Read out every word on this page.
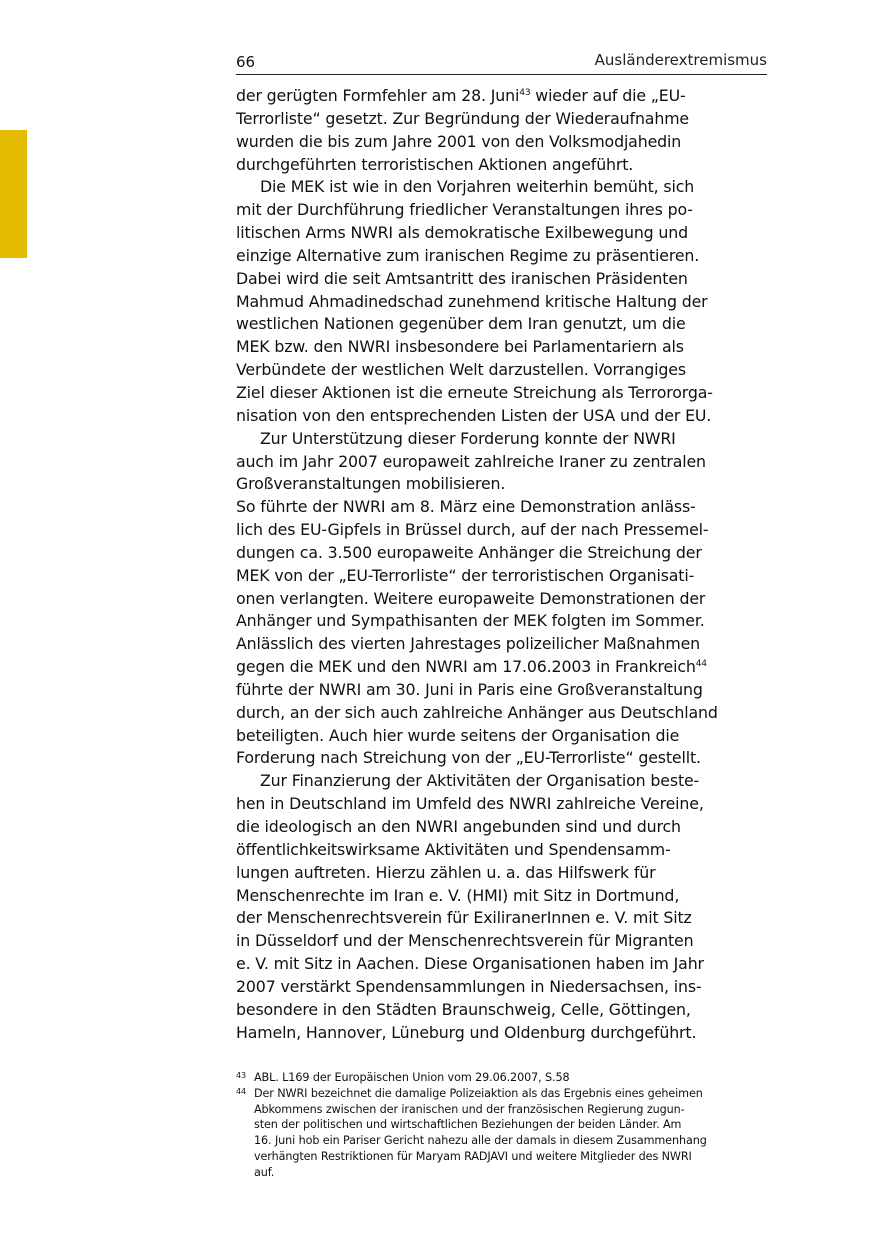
66	Ausländerextremismus
der gerügten Formfehler am 28. Juni$^{43}$ wieder auf die „EU-
Terrorliste“ gesetzt. Zur Begründung der Wiederaufnahme
wurden die bis zum Jahre 2001 von den Volksmodjahedin
durchgeführten terroristischen Aktionen angeführt.
Die MEK ist wie in den Vorjahren weiterhin bemüht, sich
mit der Durchführung friedlicher Veranstaltungen ihres po-
litischen Arms NWRI als demokratische Exilbewegung und
einzige Alternative zum iranischen Regime zu präsentieren.
Dabei wird die seit Amtsantritt des iranischen Präsidenten
Mahmud Ahmadinedschad zunehmend kritische Haltung der
westlichen Nationen gegenüber dem Iran genutzt, um die
MEK bzw. den NWRI insbesondere bei Parlamentariern als
Verbündete der westlichen Welt darzustellen. Vorrangiges
Ziel dieser Aktionen ist die erneute Streichung als Terrororga-
nisation von den entsprechenden Listen der USA und der EU.
Zur Unterstützung dieser Forderung konnte der NWRI
auch im Jahr 2007 europaweit zahlreiche Iraner zu zentralen
Großveranstaltungen mobilisieren.
So führte der NWRI am 8. März eine Demonstration anläss-
lich des EU-Gipfels in Brüssel durch, auf der nach Pressemel-
dungen ca. 3.500 europaweite Anhänger die Streichung der
MEK von der „EU-Terrorliste“ der terroristischen Organisati-
onen verlangten. Weitere europaweite Demonstrationen der
Anhänger und Sympathisanten der MEK folgten im Sommer.
Anlässlich des vierten Jahrestages polizeilicher Maßnahmen
gegen die MEK und den NWRI am 17.06.2003 in Frankreich$^{44}$
führte der NWRI am 30. Juni in Paris eine Großveranstaltung
durch, an der sich auch zahlreiche Anhänger aus Deutschland
beteiligten. Auch hier wurde seitens der Organisation die
Forderung nach Streichung von der „EU-Terrorliste“ gestellt.
Zur Finanzierung der Aktivitäten der Organisation beste-
hen in Deutschland im Umfeld des NWRI zahlreiche Vereine,
die ideologisch an den NWRI angebunden sind und durch
öffentlichkeitswirksame Aktivitäten und Spendensamm-
lungen auftreten. Hierzu zählen u. a. das Hilfswerk für
Menschenrechte im Iran e. V. (HMI) mit Sitz in Dortmund,
der Menschenrechtsverein für ExiliranerInnen e. V. mit Sitz
in Düsseldorf und der Menschenrechtsverein für Migranten
e. V. mit Sitz in Aachen. Diese Organisationen haben im Jahr
2007 verstärkt Spendensammlungen in Niedersachsen, ins-
besondere in den Städten Braunschweig, Celle, Göttingen,
Hameln, Hannover, Lüneburg und Oldenburg durchgeführt.
43 ABL. L169 der Europäischen Union vom 29.06.2007, S.58
44 Der NWRI bezeichnet die damalige Polizeiaktion als das Ergebnis eines geheimen
Abkommens zwischen der iranischen und der französischen Regierung zugun-
sten der politischen und wirtschaftlichen Beziehungen der beiden Länder. Am
16. Juni hob ein Pariser Gericht nahezu alle der damals in diesem Zusammenhang
verhängten Restriktionen für Maryam RADJAVI und weitere Mitglieder des NWRI
auf.
